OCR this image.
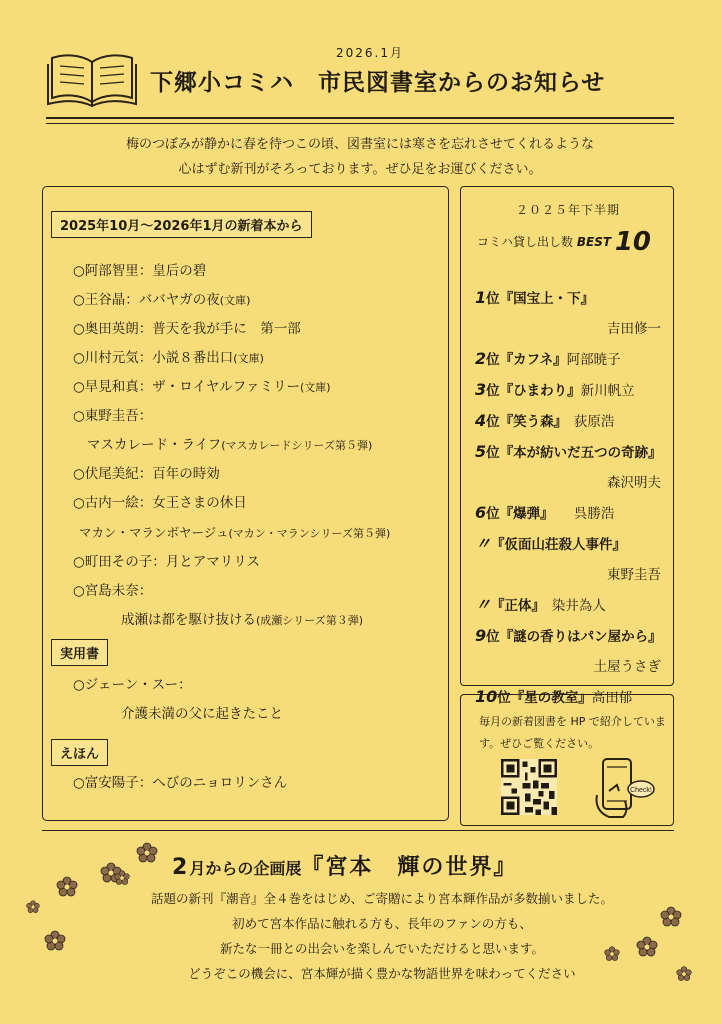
2026.1月
下郷小コミハ　市民図書室からのお知らせ
梅のつぼみが静かに春を待つこの頃、図書室には寒さを忘れさせてくれるような
心はずむ新刊がそろっております。ぜひ足をお運びください。
2025年10月〜2026年1月の新着本から
○阿部智里：皇后の碧
○王谷晶：ババヤガの夜(文庫)
○奥田英朗：普天を我が手に　第一部
○川村元気：小説８番出口(文庫)
○早見和真：ザ・ロイヤルファミリー(文庫)
○東野圭吾：
マスカレード・ライフ(マスカレードシリーズ第５弾)
○伏尾美紀：百年の時効
○古内一絵：女王さまの休日
マカン・マランボヤージュ(マカン・マランシリーズ第５弾)
○町田その子：月とアマリリス
○宮島未奈：
成瀬は都を駆け抜ける(成瀬シリーズ第３弾)
実用書
○ジェーン・スー：
介護未満の父に起きたこと
えほん
○富安陽子：へびのニョロリンさん
２０２５年下半期
コミハ貸し出し数 BEST 10
1位『国宝上・下』
吉田修一
2位『カフネ』阿部暁子
3位『ひまわり』新川帆立
4位『笑う森』　荻原浩
5位『本が紡いだ五つの奇跡』
森沢明夫
6位『爆弾』　　呉勝浩
〃『仮面山荘殺人事件』
東野圭吾
〃『正体』　染井為人
9位『謎の香りはパン屋から』
土屋うさぎ
10位『星の教室』高田郁
毎月の新着図書を HP で紹介しています。ぜひご覧ください。
Check!
2月からの企画展『宮本　輝の世界』
話題の新刊『潮音』全４巻をはじめ、ご寄贈により宮本輝作品が多数揃いました。
初めて宮本作品に触れる方も、長年のファンの方も、
新たな一冊との出会いを楽しんでいただけると思います。
どうぞこの機会に、宮本輝が描く豊かな物語世界を味わってください
